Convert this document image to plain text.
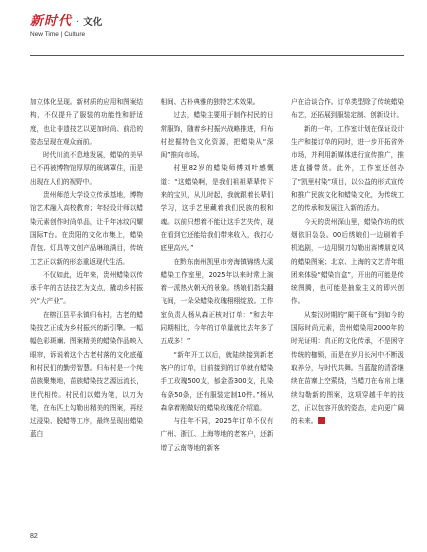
新时代 · 文化
New Time | Culture

加立体化呈现。新材质的应用和图案结构，不仅提升了服装的功能性和舒适度，也让非遗技艺以更加时尚、前沿的姿态呈现在观众面前。

时代川流不息地发展，蜡染的美早已不再被博物馆厚厚的玻璃罩住，而是出现在人们的视野中。

贵州师范大学设立传承基地，博物馆艺术融入高校教育；年轻设计师以蜡染元素创作时尚单品，让千年冰纹闪耀国际T台。在贵阳的文化市集上，蜡染背包、灯具等文创产品琳琅满目，传统工艺正以新的形态重返现代生活。

不仅如此，近年来，贵州蜡染以传承千年的古法技艺为支点，撬动乡村振兴“大产业”。

在榕江县平永镇归布村，古老的蜡染技艺正成为乡村振兴的新引擎。一幅幅色彩斑斓、图案精美的蜡染作品映入眼帘，诉说着这个古老村落的文化底蕴和村民们的勤劳智慧。归布村是一个纯苗族聚集地，苗族蜡染技艺源远流长，世代相传。村民们以蜡为笔，以刀为笔，在布匹上勾勒出精美的图案，再经过浸染、脱蜡等工序，最终呈现出蜡染蓝白

相间、古朴典雅的独特艺术效果。

过去，蜡染主要用于制作村民的日常服饰，随着乡村振兴战略推进，归布村挖掘特色文化资源，把蜡染从“深闺”推向市场。

村里82岁的蜡染师傅刘叶感慨道：“这蜡染啊，是我们祖祖辈辈传下来的宝贝，从儿时起，我就跟着长辈们学习，这手艺里藏着我们民族的根和魂。以前只想着不能让这手艺失传，现在看到它还能给我们带来收入，我打心底里高兴。”

在黔东南州凯里市旁海镇锦绣大溪蜡染工作室里，2025年以来时常上演着一派热火朝天的景象。绣娘们指尖翻飞间，一朵朵蜡染玫瑰栩栩绽放。工作室负责人杨从森正核对订单：“和去年同期相比，今年的订单量就比去年多了五成多！”

“新年开工以后，就陆续接到新老客户的订单，目前接到的订单就有蜡染手工玫瑰500支，郁金香300支，扎染布条50条，还有服装定制10件。”杨从森拿着刚做好的蜡染玫瑰花介绍道。

与往年不同，2025年订单不仅有广州、浙江、上海等地的老客户，还新增了云南等地的新客

户在洽谈合作。订单类型除了传统蜡染布艺，还拓展到服装定制、创新设计。

新的一年，工作室计划在保证设计生产和接订单的同时，进一步开拓省外市场，并利用新媒体进行宣传推广，推进直播带货。此外，工作室还创办了“凯里村染”项目，以公益的形式宣传和推广民族文化和蜡染文化，为传统工艺的传承和发展注入新的活力。

今天的贵州深山里，蜡染作坊的炊烟依旧袅袅。00后绣娘们一边刷着手机追剧，一边用铜刀勾勒出赛博朋克风的蜡染图案；北京、上海的文艺青年组团来体验“蜡染盲盒”，开出的可能是传统图腾，也可能是抽象主义的即兴创作。

从秦汉时期的“阑干斑布”到如今的国际时尚元素，贵州蜡染用2000年的时光证明：真正的文化传承，不是困守传统的枷锁，而是在岁月长河中不断汲取养分，与时代共舞。当蓝靛的清香继续在苗寨上空萦绕，当蜡刀在布帛上继续勾勒新的图案，这项穿越千年的技艺，正以包容开放的姿态，走向更广阔的未来。

82
